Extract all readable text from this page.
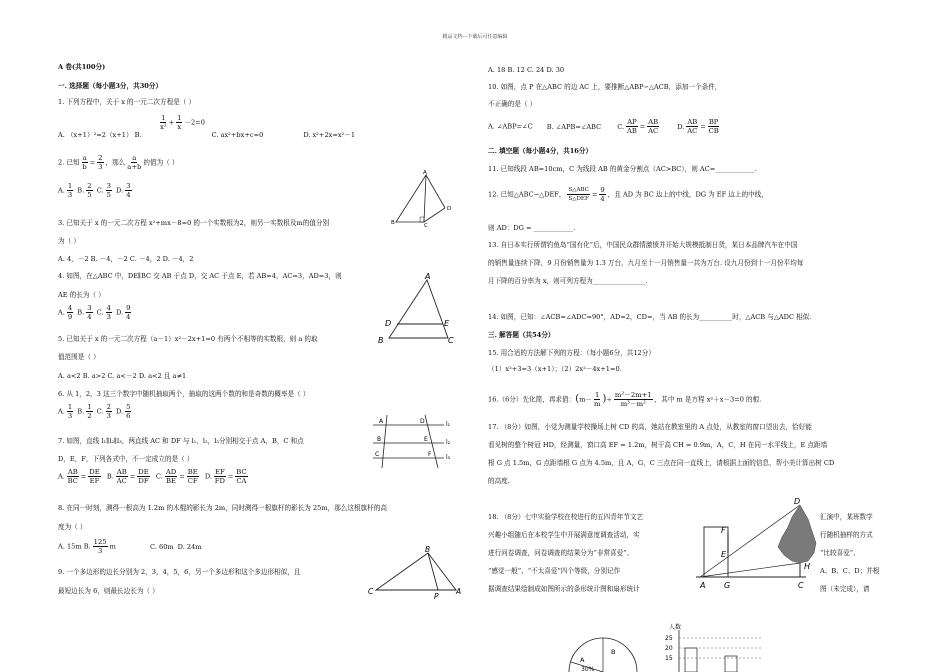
精品文档---下载后可任意编辑
A 卷(共100分)
一. 选择题（每小题3分，共30分）
1. 下列方程中，关于 x 的一元二次方程是（ ）
$\frac{1}{\text{x²}} + \frac{1}{x} -2=0$
A. （x+1）²=2（x+1） B.	C. ax²+bx+c=0	D. x²+2x=x²－1
2. 已知 $\frac{a}{b} = \frac{2}{3}$ ，那么 $\frac{a}{a+b}$ 的值为（ ）
A. $\frac{1}{3} B$. $\frac{2}{5} C$. $\frac{3}{5} D$. $\frac{3}{4}$
3. 已知关于 x 的一元二次方程 x²+mx－8=0 的一个实数根为2，则另一实数根及m的值分别
为（ ）
A. 4，－2 B. －4，－2 C. －4，2 D. －4，2
4. 如图，在△ABC 中，DE∥BC 交 AB 于点 D，交 AC 于点 E，若 AB=4，AC=3，AD=3，则
AE 的长为（ ）
A. $\frac{4}{9} B$. $\frac{3}{4} C$. $\frac{4}{3} D$. $\frac{9}{4}$
5. 已知关于 x 的一元二次方程（a－1）x²－2x+1=0 有两个不相等的实数根，则 a 的取
值范围是（ ）
A. a<2 B. a>2 C. a<－2 D. a<2 且 a≠1
6. 从 1，2，3 这三个数字中随机抽取两个，抽取的这两个数的和是奇数的概率是（ ）
A. $\frac{1}{3} B$. $\frac{1}{2} C$. $\frac{2}{3} D$. $\frac{5}{6}$
7. 如图，直线 l₁∥l₂∥l₃，两直线 AC 和 DF 与 l₁，l₂，l₃分别相交于点 A，B，C 和点
D，E，F，下列各式中，不一定成立的是（ ）
A. $\frac{AB}{BC} = \frac{DE}{EF} B$. $\frac{AB}{AC} = \frac{DE}{DF} C$. $\frac{AD}{BE} = \frac{BE}{CF} D$. $\frac{EF}{FD} = \frac{BC}{CA}$
8. 在同一时刻，测得一根高为 1.2m 的木棍的影长为 2m，同时测得一根旗杆的影长为 25m，那么这根旗杆的高
度为（ ）
A. 15m B. $\frac{125}{3}$ m	C. 60m D. 24m
9. 一个多边形的边长分别为 2，3，4，5，6，另一个多边形和这个多边形相似，且
最短边长为 6，则最长边长为（ ）
A. 18 B. 12 C. 24 D. 30
10. 如图，点 P 在△ABC 的边 AC 上，要推断△ABP∽△ACB，添加一个条件，
不正确的是（ ）
A. ∠ABP=∠C B. ∠APB=∠ABC C. $\frac{AP}{AB} = \frac{AB}{AC}$	D. $\frac{AB}{AC} = \frac{BP}{CB}$
二. 填空题（每小题4分，共16分）
11. 已知线段 AB=10cm，C 为线段 AB 的黄金分割点（AC>BC），则 AC=____________.
12. 已知△ABC∽△DEF，
S△ABC
S△DEF
= $\frac{9}{4}$ ，且 AD 为 BC 边上的中线，DG 为 EF 边上的中线，
则 AD：DG = ____________.
13. 自日本实行所谓钓鱼岛“国有化”后，中国民众群情激愤并开始大规模抵制日货，某日本品牌汽车在中国
的销售量连续下降，9 月份销售量为 1.3 万台，九月至十一月销售量一共为万台. 设九月份到十一月份平均每
月下降的百分率为 x，则可列方程为________________.
14. 如图，已知：∠ACB=∠ADC=90°，AD=2，CD=，当 AB 的长为__________时，△ACB 与△ADC 相似.
三. 解答题（共54分）
15. 用合适的方法解下列的方程：（每小题6分，共12分）
（1）x²+3=3（x+1）；（2）2x²－4x+1=0.
16.（6分）先化简，再求值：($m- \frac{1}{m}$ )÷ $\frac{\text{m²－2m+1}}{\text{m³－m²}}$ ，其中 m 是方程 x²＋x－3=0 的根.
17. （8分）如图，小觉为测量学校操场上树 CD 的高，她站在教室里的 A 点处，从教室的窗口望出去，恰好能
看见树的整个树冠 HD，经测量，窗口高 EF = 1.2m，树干高 CH = 0.9m，A，C，H 在同一水平线上，E 点距墙
根 G 点 1.5m，G 点距墙根 G 点为 4.5m，且 A，G，C 三点在同一直线上，请根据上面的信息，帮小美计算出树 CD
的高度.
18. （8分）七中实验学校在校进行的五四青年节文艺
兴趣小组随后在本校学生中开展满意度调查活动，实
进行问卷调查，问卷调查的结果分为“非常喜爱”、
“感觉一般”、“不太喜爱”四个等级，分别记作
据调查结果绘制成如图所示的条形统计图和扇形统计
汇演中，某班数学
行随机抽样的方式
“比较喜爱”、
A、B、C、D；并根
图（未完成），请
A
B	C
D
A
B	C
D	E
l₁
l₂
l₃
A
B
C
D
E
F
B
C	A
P
A G	C
D
F
E
H
A
B
30%
人数
25
20
15
